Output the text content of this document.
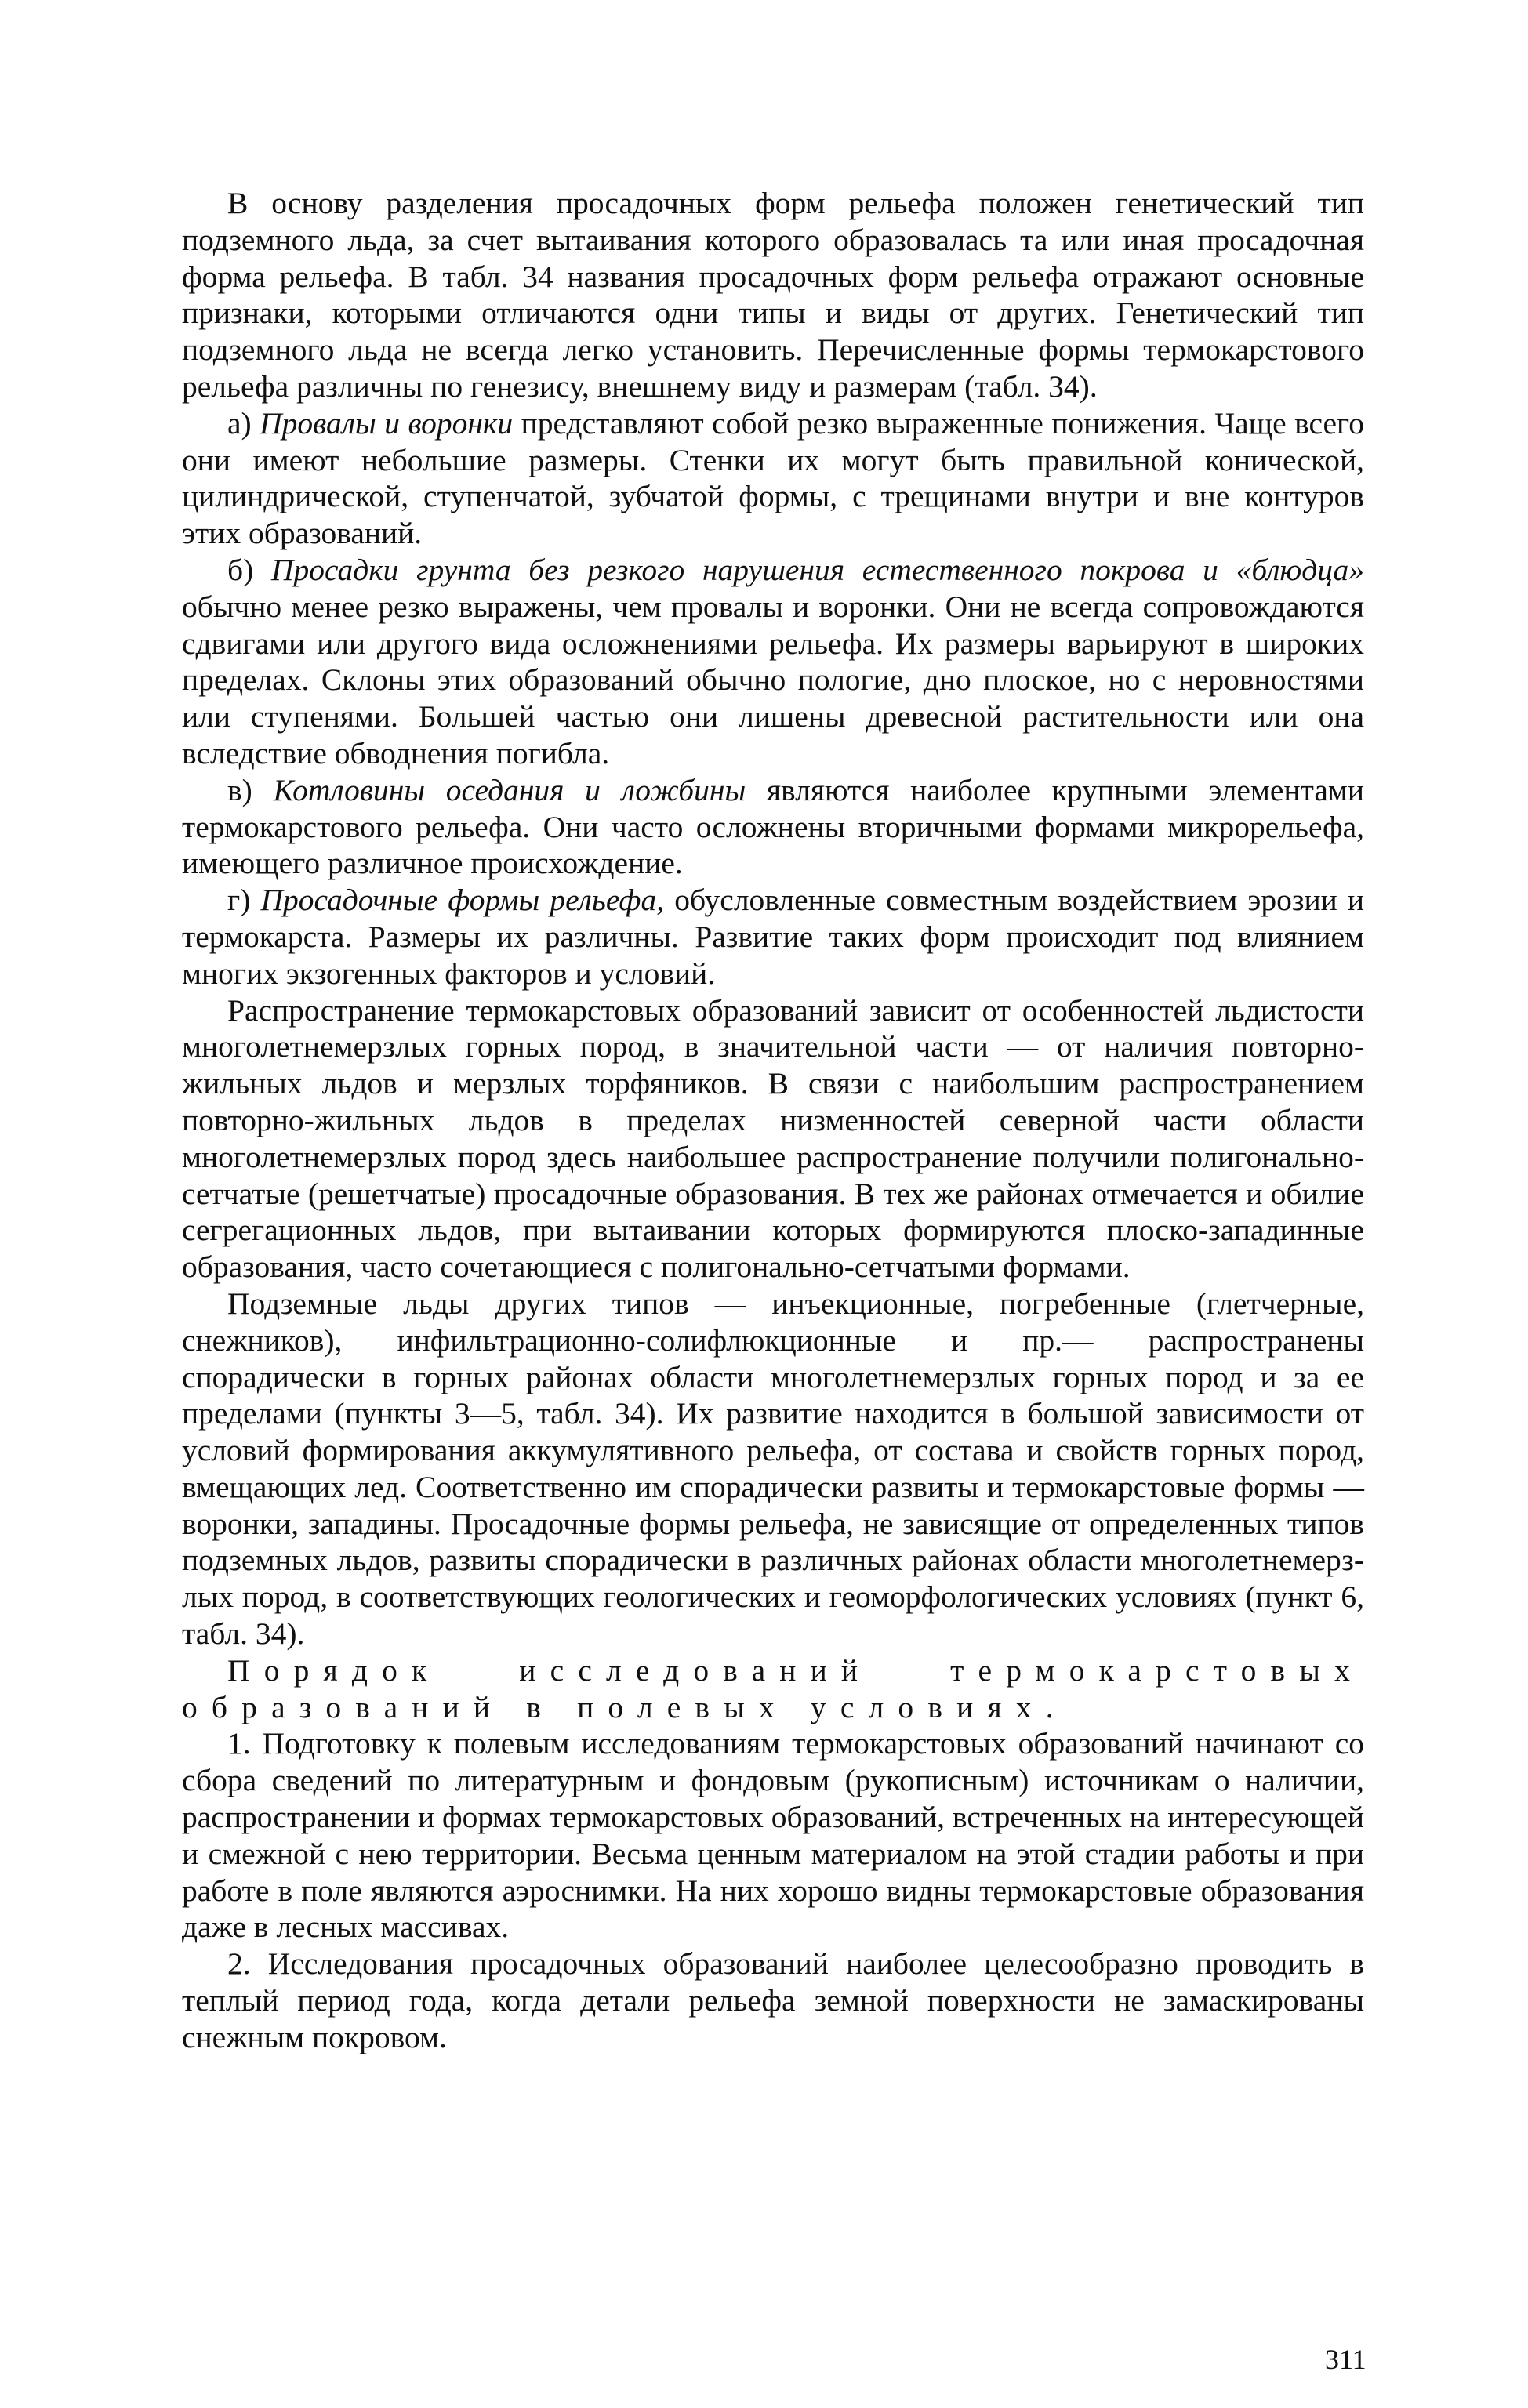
В основу разделения просадочных форм рельефа положен генетический тип подземного льда, за счет вытаивания которого образовалась та или иная просадочная форма рельефа. В табл. 34 названия просадочных форм рельефа отражают основные признаки, которыми отличаются одни типы и виды от других. Генетический тип подземного льда не всегда легко установить. Перечисленные формы термокарстового рельефа различны по генезису, внешнему виду и размерам (табл. 34).

а) Провалы и воронки представляют собой резко выраженные понижения. Чаще всего они имеют небольшие размеры. Стенки их могут быть правильной конической, цилиндрической, ступенчатой, зубчатой формы, с трещинами внутри и вне контуров этих образований.

б) Просадки грунта без резкого нарушения естественного покрова и «блюдца» обычно менее резко выражены, чем провалы и воронки. Они не всегда сопровождаются сдвигами или другого вида осложнениями рельефа. Их размеры варьируют в широких пределах. Склоны этих образований обычно пологие, дно плоское, но с неровностями или ступенями. Большей частью они лишены древесной растительности или она вследствие обводнения погибла.

в) Котловины оседания и ложбины являются наиболее крупными элементами термокарстового рельефа. Они часто осложнены вторичными формами микрорельефа, имеющего различное происхождение.

г) Просадочные формы рельефа, обусловленные совместным воздействием эрозии и термокарста. Размеры их различны. Развитие таких форм происходит под влиянием многих экзогенных факторов и условий.

Распространение термокарстовых образований зависит от особенностей льдистости многолетнемерзлых горных пород, в значительной части — от наличия повторно-жильных льдов и мерзлых торфяников. В связи с наибольшим распространением повторно-жильных льдов в пределах низменностей северной части области многолетнемерзлых пород здесь наибольшее распространение получили полигонально-сетчатые (решетчатые) просадочные образования. В тех же районах отмечается и обилие сегрегационных льдов, при вытаивании которых формируются плоско-западинные образования, часто сочетающиеся с полигонально-сетчатыми формами.

Подземные льды других типов — инъекционные, погребенные (глетчерные, снежников), инфильтрационно-солифлюкционные и пр.— распространены спорадически в горных районах области многолетнемерзлых горных пород и за ее пределами (пункты 3—5, табл. 34). Их развитие находится в большой зависимости от условий формирования аккумулятивного рельефа, от состава и свойств горных пород, вмещающих лед. Соответственно им спорадически развиты и термокарстовые формы — воронки, западины. Просадочные формы рельефа, не зависящие от определенных типов подземных льдов, развиты спорадически в различных районах области многолетнемерзлых пород, в соответствующих геологических и геоморфологических условиях (пункт 6, табл. 34).

Порядок исследований термокарстовых образований в полевых условиях.

1. Подготовку к полевым исследованиям термокарстовых образований начинают со сбора сведений по литературным и фондовым (рукописным) источникам о наличии, распространении и формах термокарстовых образований, встреченных на интересующей и смежной с нею территории. Весьма ценным материалом на этой стадии работы и при работе в поле являются аэроснимки. На них хорошо видны термокарстовые образования даже в лесных массивах.

2. Исследования просадочных образований наиболее целесообразно проводить в теплый период года, когда детали рельефа земной поверхности не замаскированы снежным покровом.

311
